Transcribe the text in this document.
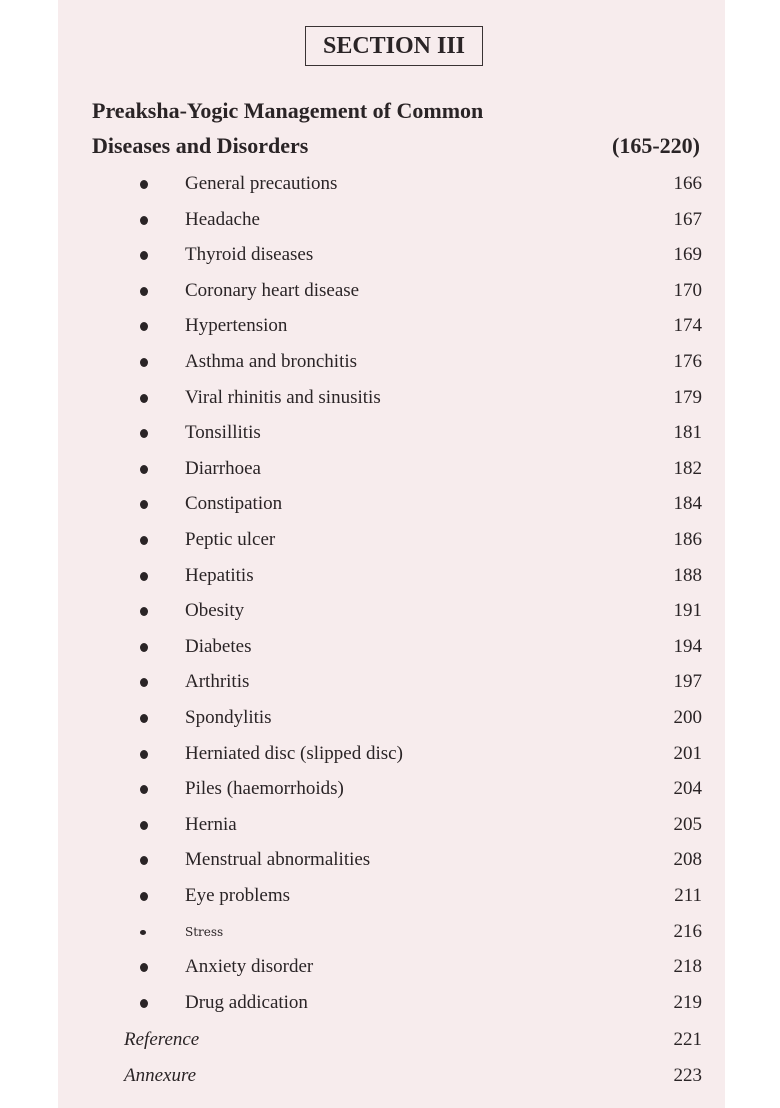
SECTION III
Preaksha-Yogic Management of Common
Diseases and Disorders	(165-220)
General precautions	166
Headache	167
Thyroid diseases	169
Coronary heart disease	170
Hypertension	174
Asthma and bronchitis	176
Viral rhinitis and sinusitis	179
Tonsillitis	181
Diarrhoea	182
Constipation	184
Peptic ulcer	186
Hepatitis	188
Obesity	191
Diabetes	194
Arthritis	197
Spondylitis	200
Herniated disc (slipped disc)	201
Piles (haemorrhoids)	204
Hernia	205
Menstrual abnormalities	208
Eye problems	211
Stress	216
Anxiety disorder	218
Drug addication	219
Reference	221
Annexure	223
